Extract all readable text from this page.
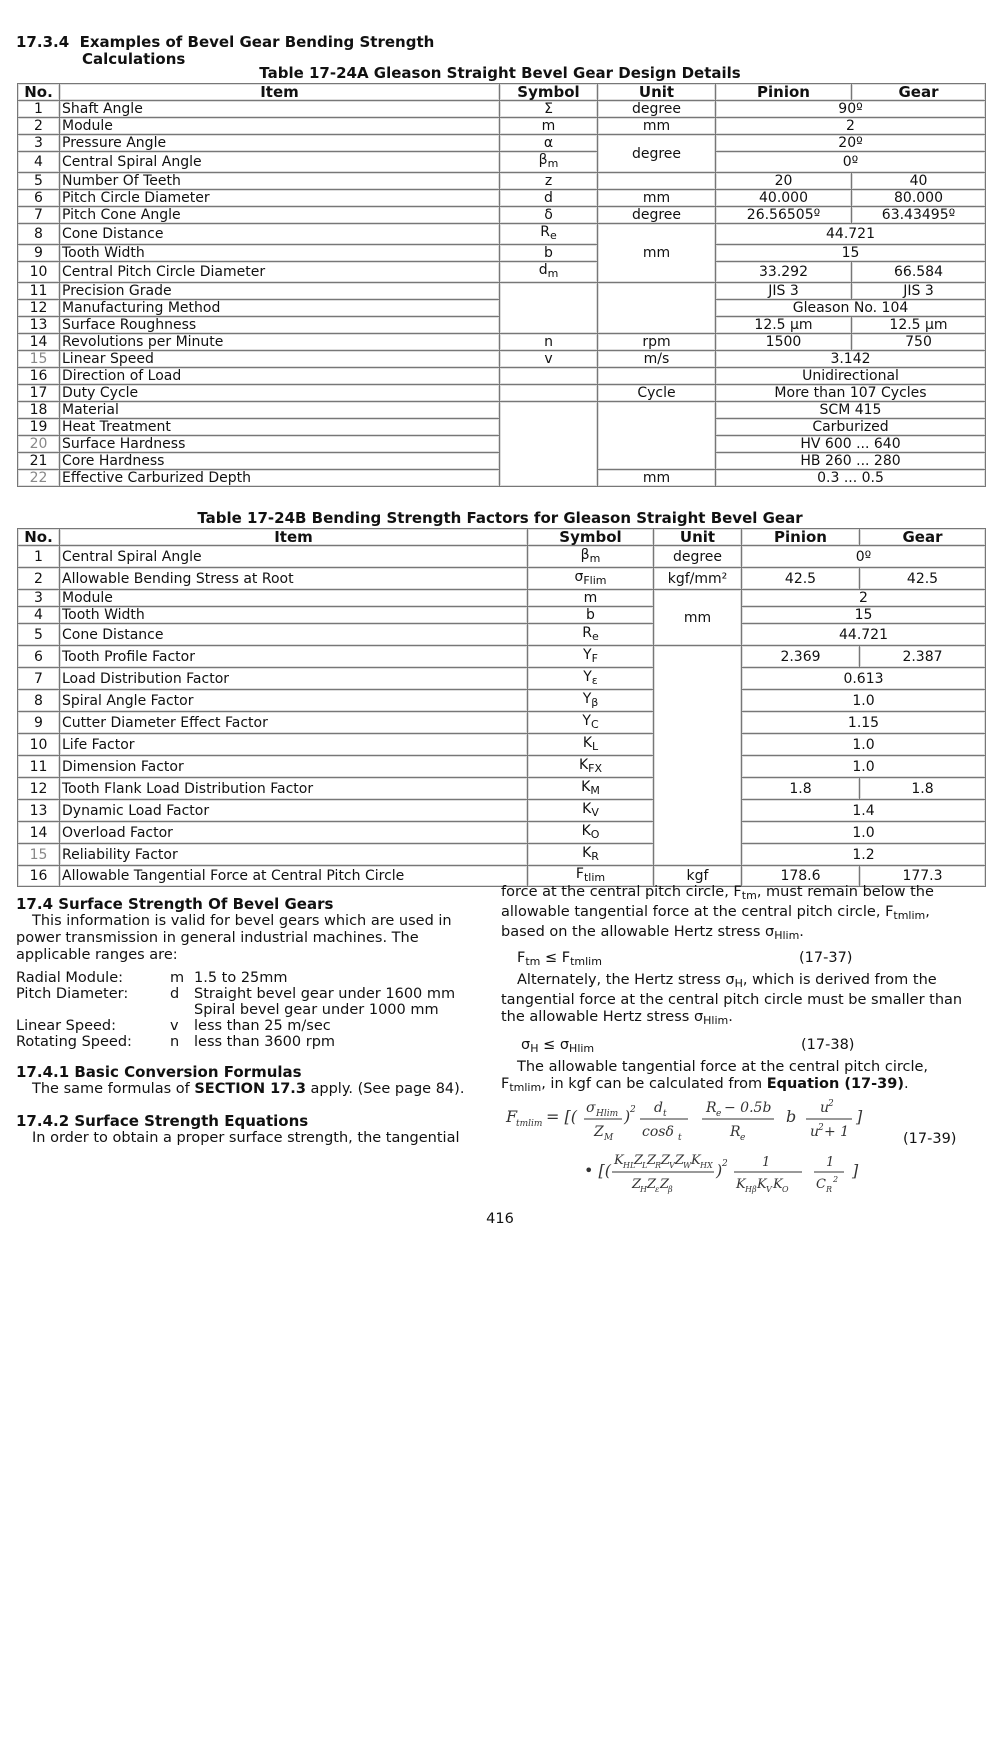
17.3.4 Examples of Bevel Gear Bending Strength
Calculations
Table 17-24A Gleason Straight Bevel Gear Design Details
No.	Item	Symbol	Unit	Pinion	Gear
1	Shaft Angle	Σ	degree	90º	
2	Module	m	mm	2	
3	Pressure Angle	α	degree	20º	
4	Central Spiral Angle	$\beta_m$		0º	
5	Number Of Teeth	z		20	40
6	Pitch Circle Diameter	d	mm	40.000	80.000
7	Pitch Cone Angle	δ	degree	26.56505º	63.43495º
8	Cone Distance	$R_e$	mm	44.721	
9	Tooth Width	b		15	
10	Central Pitch Circle Diameter	$d_m$		33.292	66.584
11	Precision Grade			JIS 3	JIS 3
12	Manufacturing Method			Gleason No. 104	
13	Surface Roughness			12.5 μm	12.5 μm
14	Revolutions per Minute	n	rpm	1500	750
15	Linear Speed	v	m/s	3.142	
16	Direction of Load			Unidirectional	
17	Duty Cycle		Cycle	More than 107 Cycles	
18	Material			SCM 415	
19	Heat Treatment			Carburized	
20	Surface Hardness			HV 600 ... 640	
21	Core Hardness			HB 260 ... 280	
22	Effective Carburized Depth		mm	0.3 ... 0.5	
Table 17-24B Bending Strength Factors for Gleason Straight Bevel Gear
No.	Item	Symbol	Unit	Pinion	Gear
1	Central Spiral Angle	$\beta_m$	degree	0º	
2	Allowable Bending Stress at Root	$\sigma_{Flim}$	kgf/mm²	42.5	42.5
3	Module	m	mm	2	
4	Tooth Width	b		15	
5	Cone Distance	$R_e$		44.721	
6	Tooth Profile Factor	$Y_F$		2.369	2.387
7	Load Distribution Factor	$Y_\varepsilon$		0.613	
8	Spiral Angle Factor	$Y_\beta$		1.0	
9	Cutter Diameter Effect Factor	$Y_C$		1.15	
10	Life Factor	$K_L$		1.0	
11	Dimension Factor	$K_{FX}$		1.0	
12	Tooth Flank Load Distribution Factor	$K_M$		1.8	1.8
13	Dynamic Load Factor	$K_V$		1.4	
14	Overload Factor	$K_O$		1.0	
15	Reliability Factor	$K_R$		1.2	
16	Allowable Tangential Force at Central Pitch Circle	$F_{tlim}$	kgf	178.6	177.3
17.4 Surface Strength Of Bevel Gears
This information is valid for bevel gears which are used in power transmission in general industrial machines. The applicable ranges are:
Radial Module:	m	1.5 to 25mm
Pitch Diameter:	d	Straight bevel gear under 1600 mm
		Spiral bevel gear under 1000 mm
Linear Speed:	v	less than 25 m/sec
Rotating Speed:	n	less than 3600 rpm
17.4.1 Basic Conversion Formulas
The same formulas of SECTION 17.3 apply. (See page 84).
17.4.2 Surface Strength Equations
In order to obtain a proper surface strength, the tangential
force at the central pitch circle, $F_{tm}$, must remain below the allowable tangential force at the central pitch circle, $F_{tmlim}$, based on the allowable Hertz stress $\sigma_{Hlim}$.
$F_{tm} \le F_{tmlim}$	(17-37)
Alternately, the Hertz stress $\sigma_H$, which is derived from the tangential force at the central pitch circle must be smaller than the allowable Hertz stress $\sigma_{Hlim}$.
$\sigma_H \le \sigma_{Hlim}$	(17-38)
The allowable tangential force at the central pitch circle, $F_{tmlim}$, in kgf can be calculated from Equation (17-39).
F
tmlim = [( σ Hlim
Z M
) 2 d t
cosδ t
R e − 0.5b
R e
b u
2
u
2 + 1
]
• [(
K HL
Z
L Z
R Z
V Z
W K HX
Z
H Z
ε Z
β
) 2	1
K Hβ K V K O
1
C R
2 ]
(17-39)
416
